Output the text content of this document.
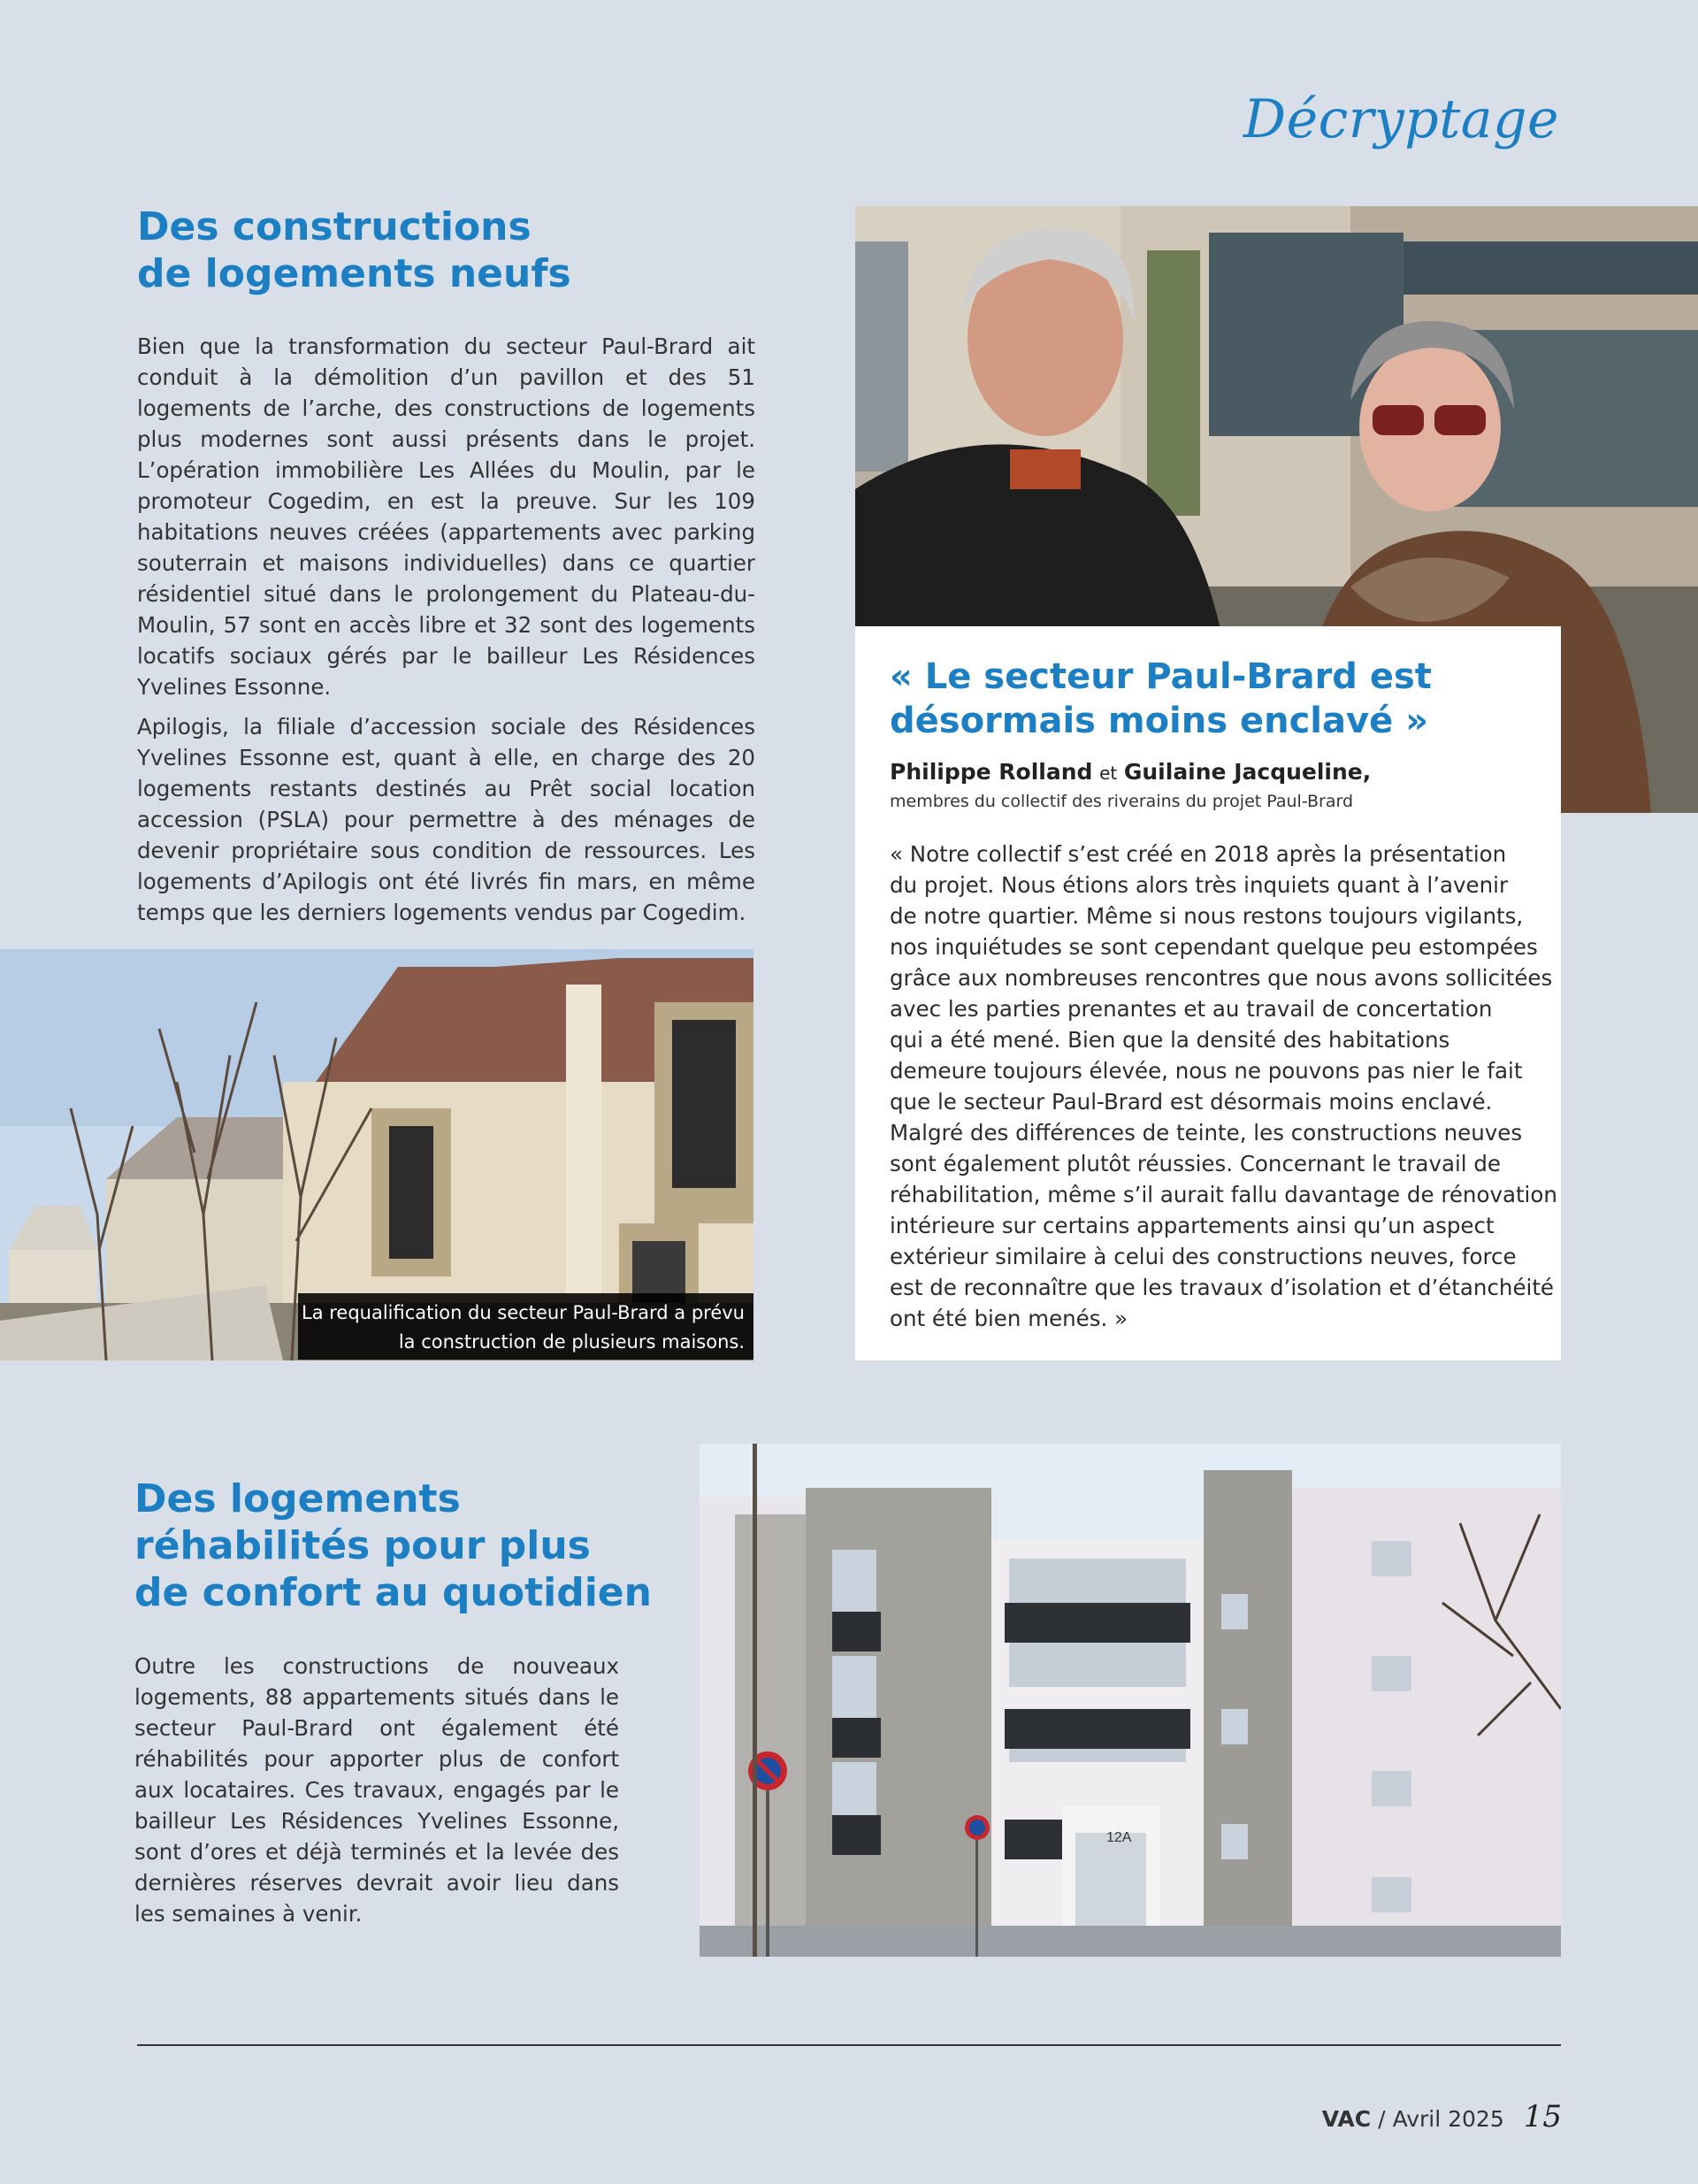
Décryptage
Des constructions
de logements neufs

Bien que la transformation du secteur Paul-Brard ait conduit à la démolition d’un pavillon et des 51 logements de l’arche, des constructions de logements plus modernes sont aussi présents dans le projet. L’opération immobilière Les Allées du Moulin, par le promoteur Cogedim, en est la preuve. Sur les 109 habitations neuves créées (appartements avec parking souterrain et maisons individuelles) dans ce quartier résidentiel situé dans le prolongement du Plateau-du-Moulin, 57 sont en accès libre et 32 sont des logements locatifs sociaux gérés par le bailleur Les Résidences Yvelines Essonne.

Apilogis, la filiale d’accession sociale des Résidences Yvelines Essonne est, quant à elle, en charge des 20 logements restants destinés au Prêt social location accession (PSLA) pour permettre à des ménages de devenir propriétaire sous condition de ressources. Les logements d’Apilogis ont été livrés fin mars, en même temps que les derniers logements vendus par Cogedim.

« Le secteur Paul-Brard est
désormais moins enclavé »
Philippe Rolland et Guilaine Jacqueline,
membres du collectif des riverains du projet Paul-Brard
« Notre collectif s’est créé en 2018 après la présentation
du projet. Nous étions alors très inquiets quant à l’avenir
de notre quartier. Même si nous restons toujours vigilants,
nos inquiétudes se sont cependant quelque peu estompées
grâce aux nombreuses rencontres que nous avons sollicitées
avec les parties prenantes et au travail de concertation
qui a été mené. Bien que la densité des habitations
demeure toujours élevée, nous ne pouvons pas nier le fait
que le secteur Paul-Brard est désormais moins enclavé.
Malgré des différences de teinte, les constructions neuves
sont également plutôt réussies. Concernant le travail de
réhabilitation, même s’il aurait fallu davantage de rénovation
intérieure sur certains appartements ainsi qu’un aspect
extérieur similaire à celui des constructions neuves, force
est de reconnaître que les travaux d’isolation et d’étanchéité
ont été bien menés. »
La requalification du secteur Paul-Brard a prévu
la construction de plusieurs maisons.
Des logements
réhabilités pour plus
de confort au quotidien

Outre les constructions de nouveaux logements, 88 appartements situés dans le secteur Paul-Brard ont également été réhabilités pour apporter plus de confort aux locataires. Ces travaux, engagés par le bailleur Les Résidences Yvelines Essonne, sont d’ores et déjà terminés et la levée des dernières réserves devrait avoir lieu dans les semaines à venir.

12A
VAC / Avril 2025 15
